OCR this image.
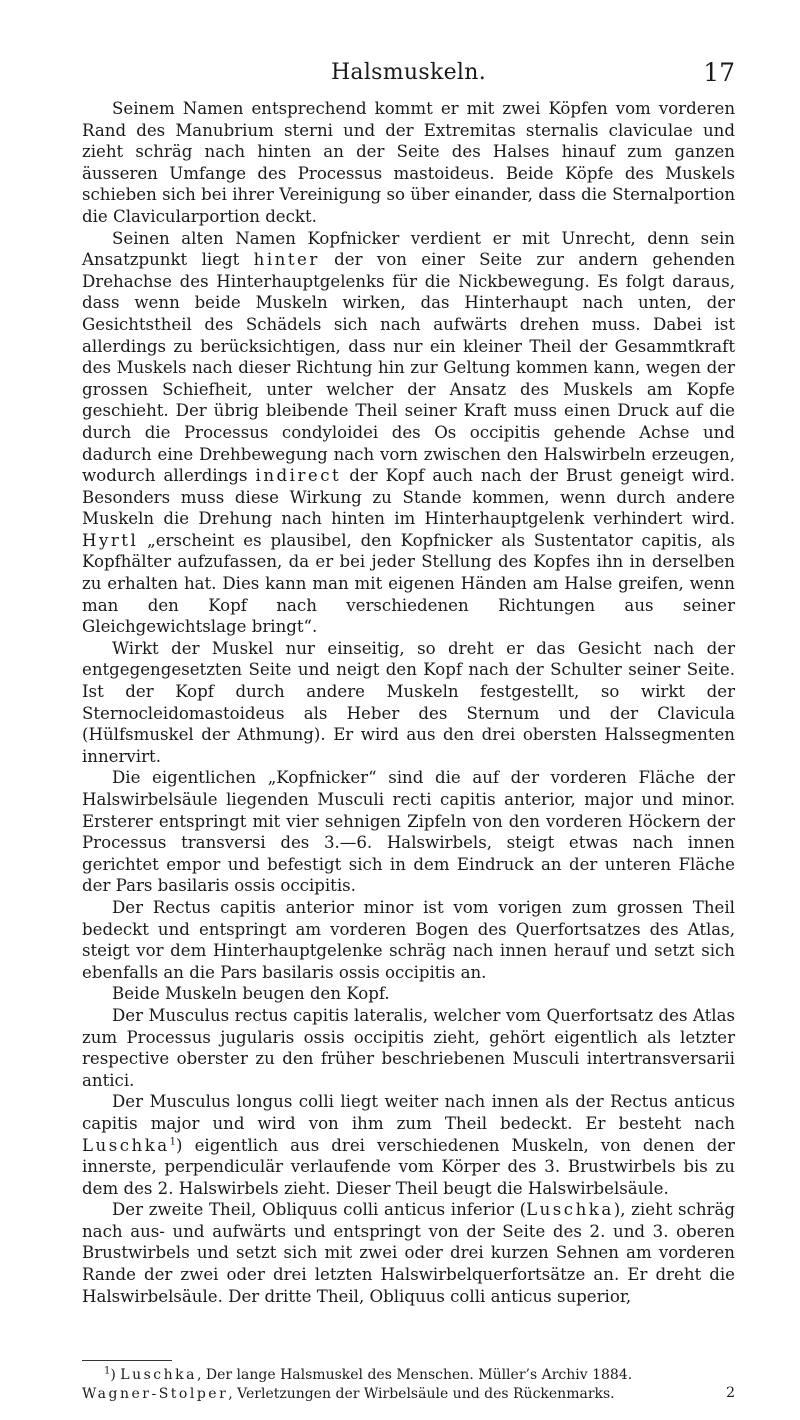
Halsmuskeln.	17

Seinem Namen entsprechend kommt er mit zwei Köpfen vom vorderen Rand des Manubrium sterni und der Extremitas sternalis claviculae und zieht schräg nach hinten an der Seite des Halses hinauf zum ganzen äusseren Umfange des Processus mastoideus. Beide Köpfe des Muskels schieben sich bei ihrer Vereinigung so über einander, dass die Sternalportion die Clavicularportion deckt.

Seinen alten Namen Kopfnicker verdient er mit Unrecht, denn sein Ansatzpunkt liegt hinter der von einer Seite zur andern gehenden Drehachse des Hinterhauptgelenks für die Nickbewegung. Es folgt daraus, dass wenn beide Muskeln wirken, das Hinterhaupt nach unten, der Gesichtstheil des Schädels sich nach aufwärts drehen muss. Dabei ist allerdings zu berücksichtigen, dass nur ein kleiner Theil der Gesammtkraft des Muskels nach dieser Richtung hin zur Geltung kommen kann, wegen der grossen Schiefheit, unter welcher der Ansatz des Muskels am Kopfe geschieht. Der übrig bleibende Theil seiner Kraft muss einen Druck auf die durch die Processus condyloidei des Os occipitis gehende Achse und dadurch eine Drehbewegung nach vorn zwischen den Halswirbeln erzeugen, wodurch allerdings indirect der Kopf auch nach der Brust geneigt wird. Besonders muss diese Wirkung zu Stande kommen, wenn durch andere Muskeln die Drehung nach hinten im Hinterhauptgelenk verhindert wird. Hyrtl „erscheint es plausibel, den Kopfnicker als Sustentator capitis, als Kopfhälter aufzufassen, da er bei jeder Stellung des Kopfes ihn in derselben zu erhalten hat. Dies kann man mit eigenen Händen am Halse greifen, wenn man den Kopf nach verschiedenen Richtungen aus seiner Gleichgewichtslage bringt“.

Wirkt der Muskel nur einseitig, so dreht er das Gesicht nach der entgegengesetzten Seite und neigt den Kopf nach der Schulter seiner Seite. Ist der Kopf durch andere Muskeln festgestellt, so wirkt der Sternocleidomastoideus als Heber des Sternum und der Clavicula (Hülfsmuskel der Athmung). Er wird aus den drei obersten Halssegmenten innervirt.

Die eigentlichen „Kopfnicker“ sind die auf der vorderen Fläche der Halswirbelsäule liegenden Musculi recti capitis anterior, major und minor. Ersterer entspringt mit vier sehnigen Zipfeln von den vorderen Höckern der Processus transversi des 3.—6. Halswirbels, steigt etwas nach innen gerichtet empor und befestigt sich in dem Eindruck an der unteren Fläche der Pars basilaris ossis occipitis.

Der Rectus capitis anterior minor ist vom vorigen zum grossen Theil bedeckt und entspringt am vorderen Bogen des Querfortsatzes des Atlas, steigt vor dem Hinterhauptgelenke schräg nach innen herauf und setzt sich ebenfalls an die Pars basilaris ossis occipitis an.

Beide Muskeln beugen den Kopf.

Der Musculus rectus capitis lateralis, welcher vom Querfortsatz des Atlas zum Processus jugularis ossis occipitis zieht, gehört eigentlich als letzter respective oberster zu den früher beschriebenen Musculi intertransversarii antici.

Der Musculus longus colli liegt weiter nach innen als der Rectus anticus capitis major und wird von ihm zum Theil bedeckt. Er besteht nach Luschka$^1$) eigentlich aus drei verschiedenen Muskeln, von denen der innerste, perpendiculär verlaufende vom Körper des 3. Brustwirbels bis zu dem des 2. Halswirbels zieht. Dieser Theil beugt die Halswirbelsäule.

Der zweite Theil, Obliquus colli anticus inferior (Luschka), zieht schräg nach aus- und aufwärts und entspringt von der Seite des 2. und 3. oberen Brustwirbels und setzt sich mit zwei oder drei kurzen Sehnen am vorderen Rande der zwei oder drei letzten Halswirbelquerfortsätze an. Er dreht die Halswirbelsäule. Der dritte Theil, Obliquus colli anticus superior,

$^1$) Luschka, Der lange Halsmuskel des Menschen. Müller’s Archiv 1884.

Wagner-Stolper, Verletzungen der Wirbelsäule und des Rückenmarks.	2
